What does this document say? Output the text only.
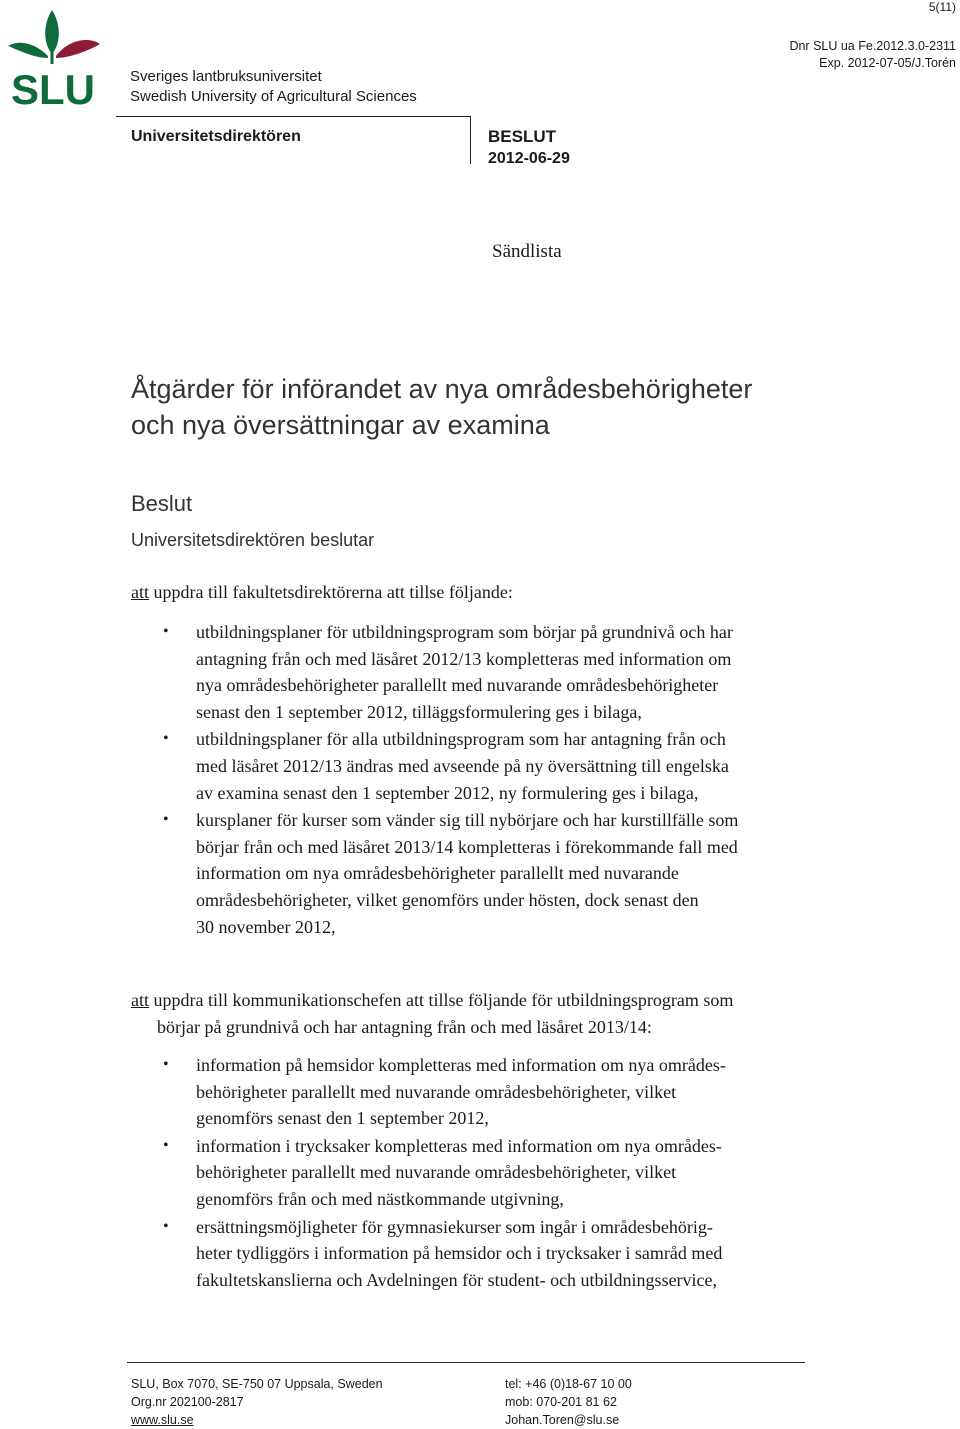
5(11)
Dnr SLU ua Fe.2012.3.0-2311
Exp. 2012-07-05/J.Torén
SLU Sveriges lantbruksuniversitet
Swedish University of Agricultural Sciences
Universitetsdirektören	BESLUT
2012-06-29
Sändlista
Åtgärder för införandet av nya områdesbehörigheter
och nya översättningar av examina
Beslut
Universitetsdirektören beslutar
att uppdra till fakultetsdirektörerna att tillse följande:
• utbildningsplaner för utbildningsprogram som börjar på grundnivå och har
antagning från och med läsåret 2012/13 kompletteras med information om
nya områdesbehörigheter parallellt med nuvarande områdesbehörigheter
senast den 1 september 2012, tilläggsformulering ges i bilaga,
• utbildningsplaner för alla utbildningsprogram som har antagning från och
med läsåret 2012/13 ändras med avseende på ny översättning till engelska
av examina senast den 1 september 2012, ny formulering ges i bilaga,
• kursplaner för kurser som vänder sig till nybörjare och har kurstillfälle som
börjar från och med läsåret 2013/14 kompletteras i förekommande fall med
information om nya områdesbehörigheter parallellt med nuvarande
områdesbehörigheter, vilket genomförs under hösten, dock senast den
30 november 2012,
att uppdra till kommunikationschefen att tillse följande för utbildningsprogram som
börjar på grundnivå och har antagning från och med läsåret 2013/14:
• information på hemsidor kompletteras med information om nya områdes-
behörigheter parallellt med nuvarande områdesbehörigheter, vilket
genomförs senast den 1 september 2012,
• information i trycksaker kompletteras med information om nya områdes-
behörigheter parallellt med nuvarande områdesbehörigheter, vilket
genomförs från och med nästkommande utgivning,
• ersättningsmöjligheter för gymnasiekurser som ingår i områdesbehörig-
heter tydliggörs i information på hemsidor och i trycksaker i samråd med
fakultetskanslierna och Avdelningen för student- och utbildningsservice,
SLU, Box 7070, SE-750 07 Uppsala, Sweden
Org.nr 202100-2817
www.slu.se
tel: +46 (0)18-67 10 00
mob: 070-201 81 62
Johan.Toren@slu.se
